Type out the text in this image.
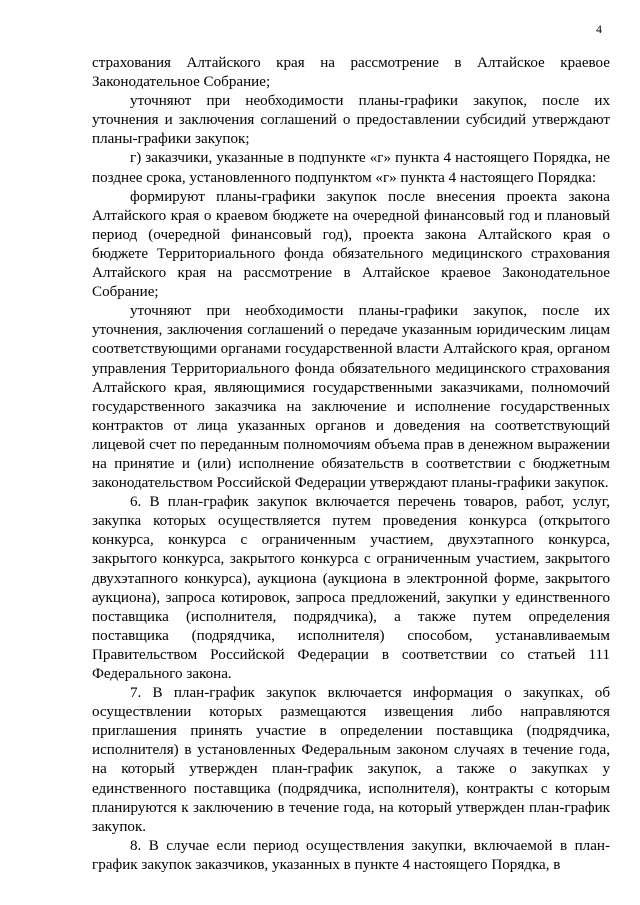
4

страхования Алтайского края на рассмотрение в Алтайское краевое Законодательное Собрание;

уточняют при необходимости планы-графики закупок, после их уточнения и заключения соглашений о предоставлении субсидий утверждают планы-графики закупок;

г) заказчики, указанные в подпункте «г» пункта 4 настоящего Порядка, не позднее срока, установленного подпунктом «г» пункта 4 настоящего Порядка:

формируют планы-графики закупок после внесения проекта закона Алтайского края о краевом бюджете на очередной финансовый год и плановый период (очередной финансовый год), проекта закона Алтайского края о бюджете Территориального фонда обязательного медицинского страхования Алтайского края на рассмотрение в Алтайское краевое Законодательное Собрание;

уточняют при необходимости планы-графики закупок, после их уточнения, заключения соглашений о передаче указанным юридическим лицам соответствующими органами государственной власти Алтайского края, органом управления Территориального фонда обязательного медицинского страхования Алтайского края, являющимися государственными заказчиками, полномочий государственного заказчика на заключение и исполнение государственных контрактов от лица указанных органов и доведения на соответствующий лицевой счет по переданным полномочиям объема прав в денежном выражении на принятие и (или) исполнение обязательств в соответствии с бюджетным законодательством Российской Федерации утверждают планы-графики закупок.

6. В план-график закупок включается перечень товаров, работ, услуг, закупка которых осуществляется путем проведения конкурса (открытого конкурса, конкурса с ограниченным участием, двухэтапного конкурса, закрытого конкурса, закрытого конкурса с ограниченным участием, закрытого двухэтапного конкурса), аукциона (аукциона в электронной форме, закрытого аукциона), запроса котировок, запроса предложений, закупки у единственного поставщика (исполнителя, подрядчика), а также путем определения поставщика (подрядчика, исполнителя) способом, устанавливаемым Правительством Российской Федерации в соответствии со статьей 111 Федерального закона.

7. В план-график закупок включается информация о закупках, об осуществлении которых размещаются извещения либо направляются приглашения принять участие в определении поставщика (подрядчика, исполнителя) в установленных Федеральным законом случаях в течение года, на который утвержден план-график закупок, а также о закупках у единственного поставщика (подрядчика, исполнителя), контракты с которым планируются к заключению в течение года, на который утвержден план-график закупок.

8. В случае если период осуществления закупки, включаемой в план-график закупок заказчиков, указанных в пункте 4 настоящего Порядка, в
